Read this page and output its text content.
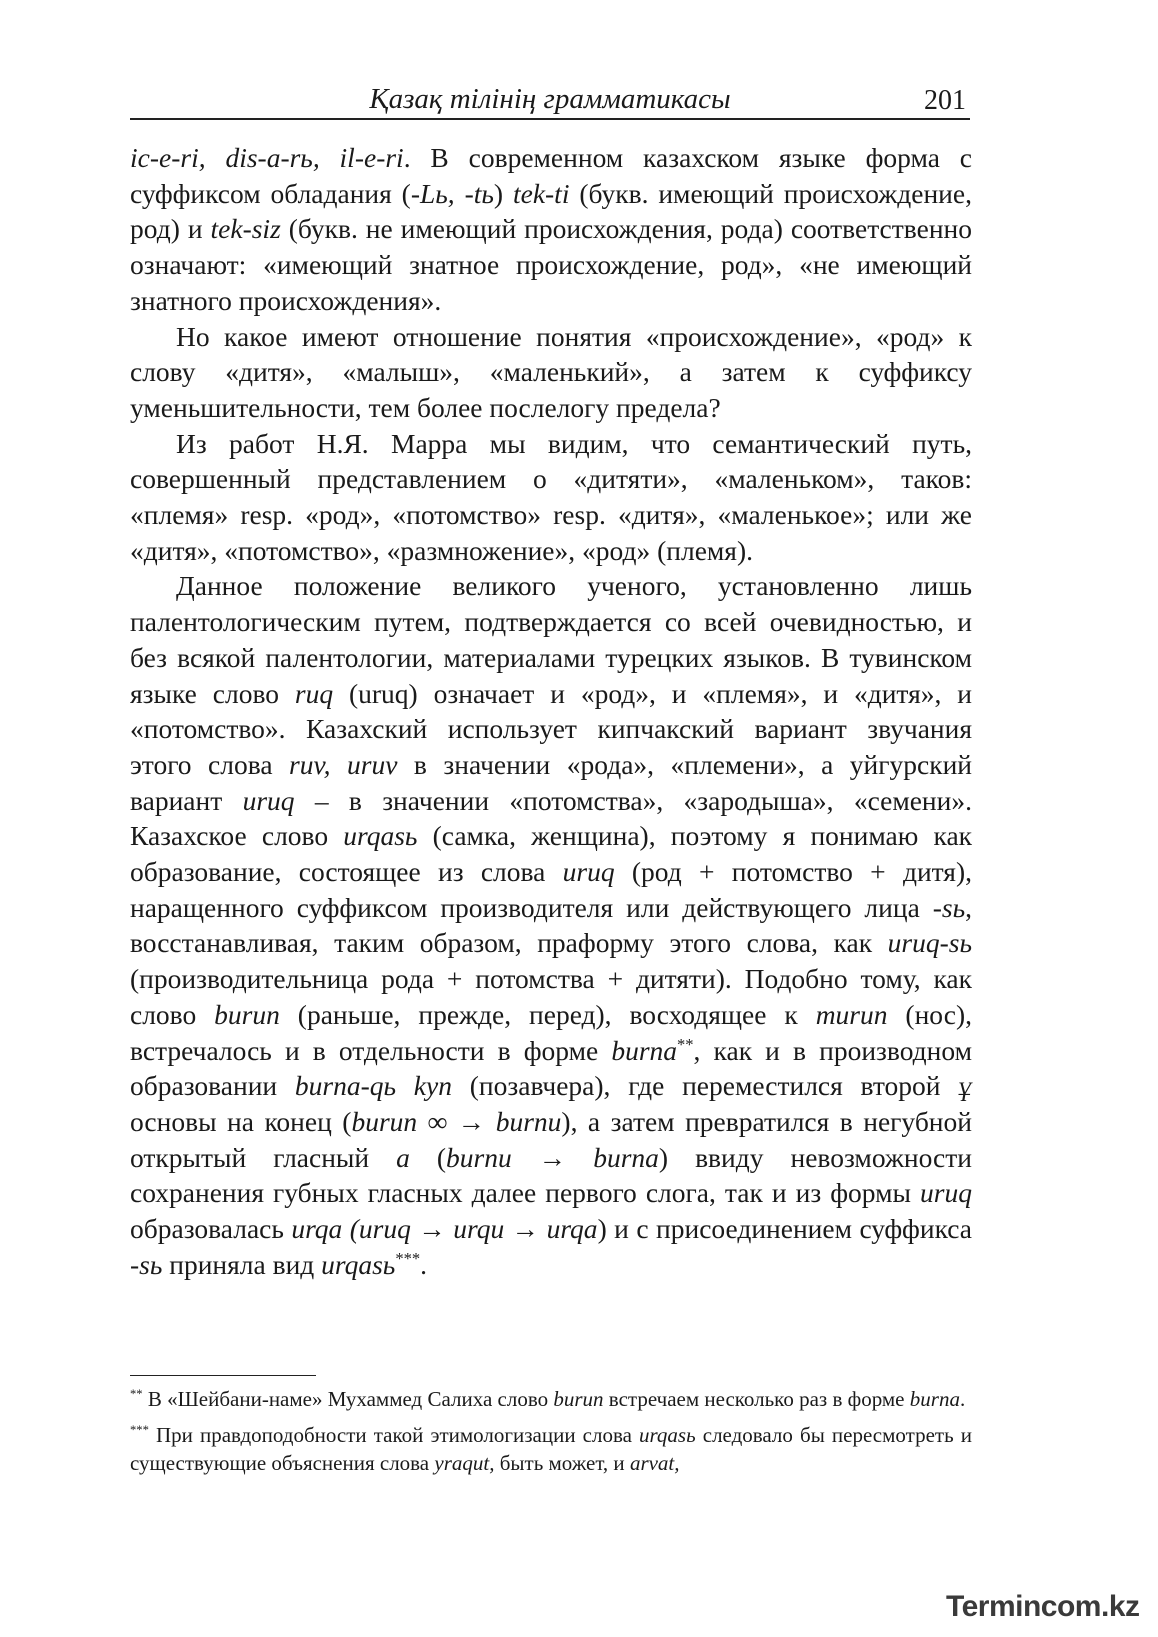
Қазақ тілінің грамматикасы	201

ic-e-ri, dis-a-rь, il-e-ri. В современном казахском языке форма с суффиксом обладания (-Lь, -tь) tek-ti (букв. имеющий происхождение, род) и tek-siz (букв. не имеющий происхождения, рода) соответственно означают: «имеющий знатное происхождение, род», «не имеющий знатного происхождения».

Но какое имеют отношение понятия «происхождение», «род» к слову «дитя», «малыш», «маленький», а затем к суффиксу уменьшительности, тем более послелогу предела?

Из работ Н.Я. Марра мы видим, что семантический путь, совершенный представлением о «дитяти», «маленьком», таков: «племя» resp. «род», «потомство» resp. «дитя», «маленькое»; или же «дитя», «потомство», «размножение», «род» (племя).

Данное положение великого ученого, установленно лишь палентологическим путем, подтверждается со всей очевидностью, и без всякой палентологии, материалами турецких языков. В тувинском языке слово ruq (uruq) означает и «род», и «племя», и «дитя», и «потомство». Казахский использует кипчакский вариант звучания этого слова ruv, uruv в значении «рода», «племени», а уйгурский вариант uruq – в значении «потомства», «зародыша», «семени». Казахское слово urqasь (самка, женщина), поэтому я понимаю как образование, состоящее из слова uruq (род + потомство + дитя), наращенного суффиксом производителя или действующего лица -sь, восстанавливая, таким образом, праформу этого слова, как uruq-sь (производительница рода + потомства + дитяти). Подобно тому, как слово burun (раньше, прежде, перед), восходящее к murun (нос), встречалось и в отдельности в форме burna**, как и в производном образовании burna-qь kyn (позавчера), где переместился второй ұ основы на конец (burun ∞ → burnu), а затем превратился в негубной открытый гласный a (burnu → burna) ввиду невозможности сохранения губных гласных далее первого слога, так и из формы uruq образовалась urqa (uruq → urqu → urqa) и с присоединением суффикса -sь приняла вид urqasь***.

** В «Шейбани-наме» Мухаммед Салиха слово burun встречаем несколько раз в форме burna.

*** При правдоподобности такой этимологизации слова urqasь следовало бы пересмотреть и существующие объяснения слова yraqut, быть может, и arvat,

Termincom.kz
